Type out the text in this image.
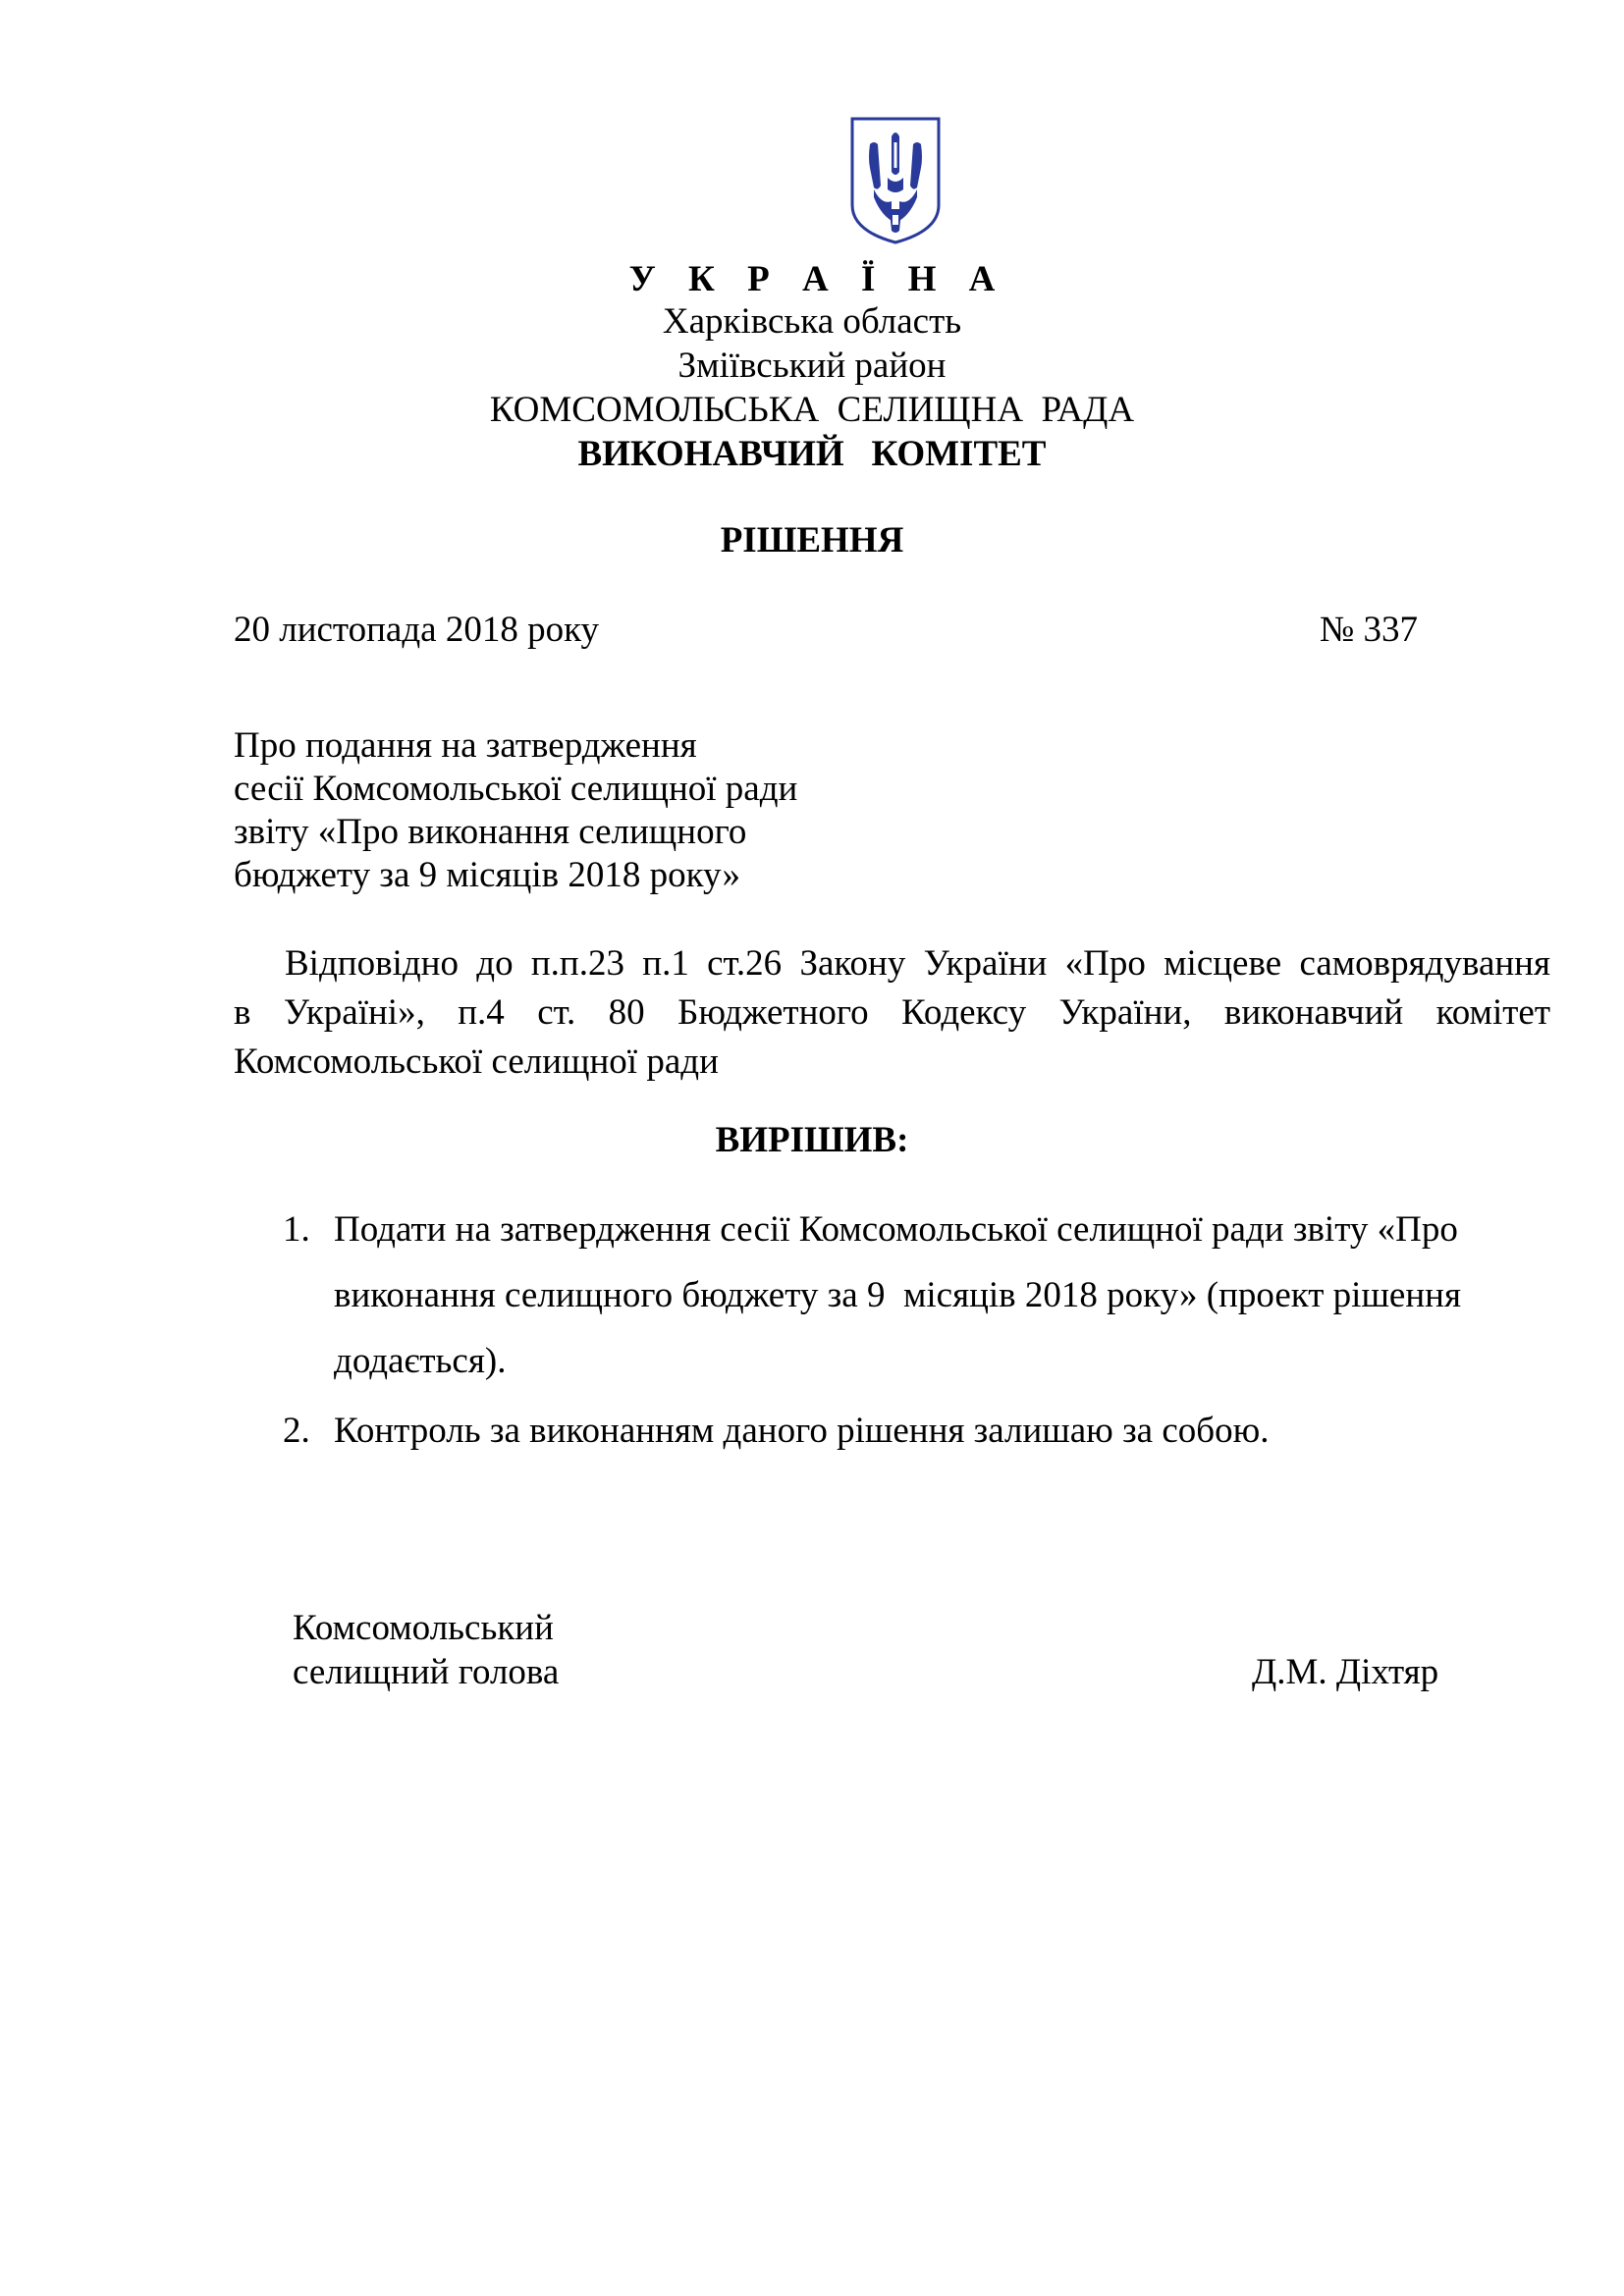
У К Р А Ї Н А
Харківська область
Зміївський район
КОМСОМОЛЬСЬКА  СЕЛИЩНА  РАДА
ВИКОНАВЧИЙ   КОМІТЕТ
РІШЕННЯ
20 листопада 2018 року	№ 337
Про подання на затвердження
сесії Комсомольської селищної ради
звіту «Про виконання селищного
бюджету за 9 місяців 2018 року»
Відповідно до п.п.23 п.1 ст.26 Закону України «Про місцеве самоврядування
в Україні», п.4 ст. 80 Бюджетного Кодексу України, виконавчий комітет
Комсомольської селищної ради
ВИРІШИВ:
1. Подати на затвердження сесії Комсомольської селищної ради звіту «Про
виконання селищного бюджету за 9  місяців 2018 року» (проект рішення
додається).
2. Контроль за виконанням даного рішення залишаю за собою.
Комсомольський
селищний голова	Д.М. Діхтяр
